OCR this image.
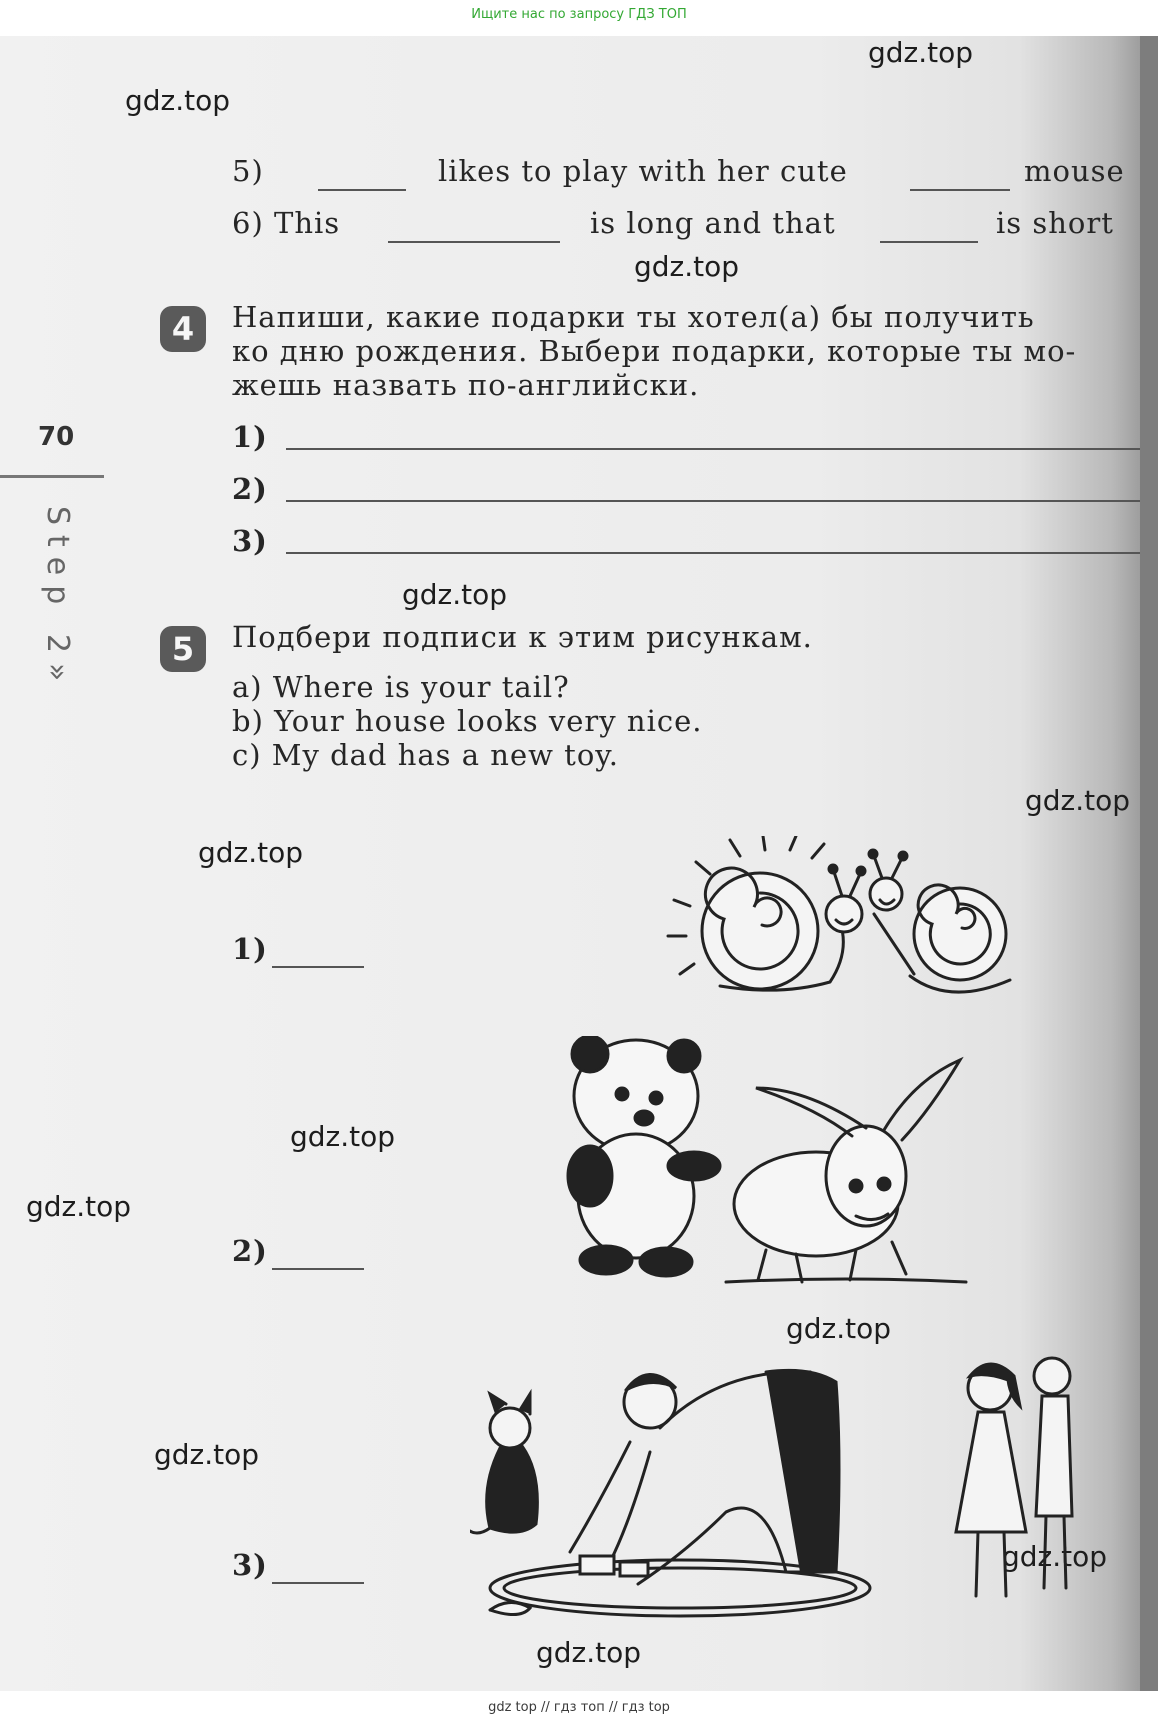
Ищите нас по запросу ГДЗ ТОП
70
Step 2»
gdz.top
gdz.top
gdz.top
gdz.top
gdz.top
gdz.top
gdz.top
gdz.top
gdz.top
gdz.top
gdz.top
gdz.top
5)	likes to play with her cute	mouse
6) This	is long and that	is short
4	Напиши, какие подарки ты хотел(а) бы получить
ко дню рождения. Выбери подарки, которые ты мо-
жешь назвать по-английски.
1)
2)
3)
5	Подбери подписи к этим рисункам.
a) Where is your tail?
b) Your house looks very nice.
c) My dad has a new toy.
1)
2)
3)
gdz top // гдз топ // гдз top
